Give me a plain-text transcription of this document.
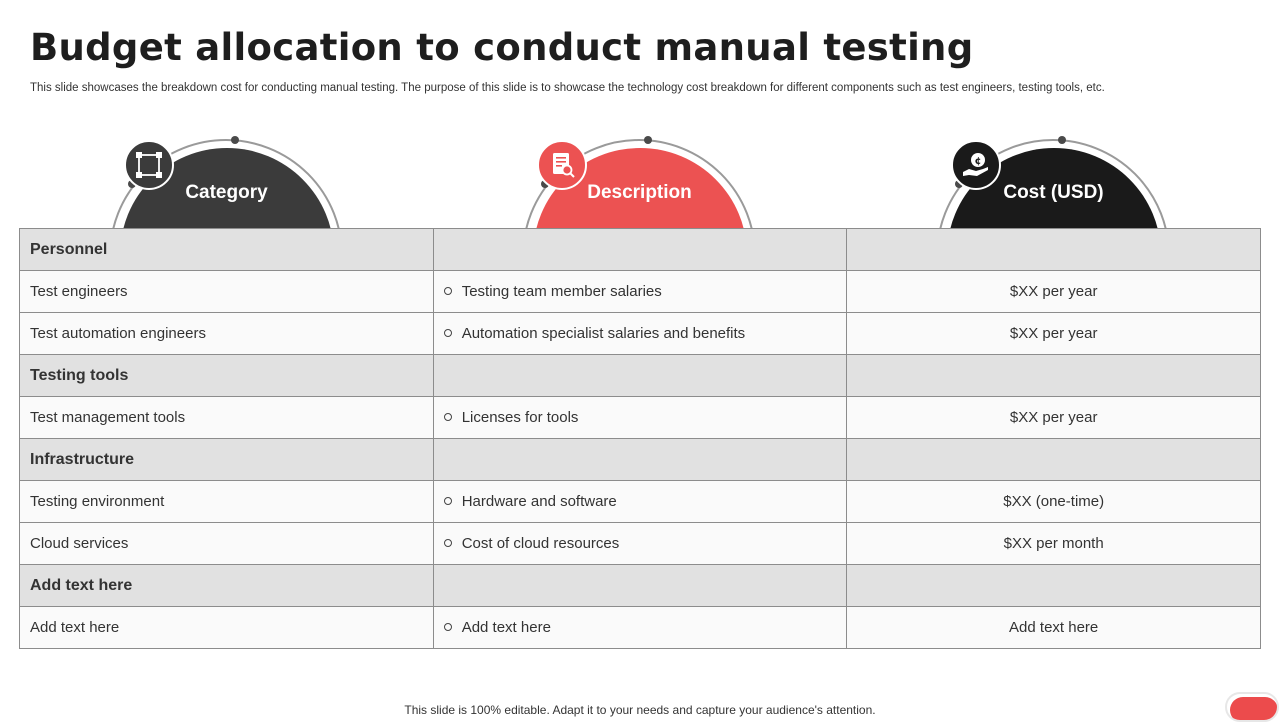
Budget allocation to conduct manual testing
This slide showcases the breakdown cost for conducting manual testing. The purpose of this slide is to showcase the technology cost breakdown for different components such as test engineers, testing tools, etc.
Category	Description	Cost (USD)
¢
Personnel		
Test engineers	Testing team member salaries	$XX per year
Test automation engineers	Automation specialist salaries and benefits	$XX per year
Testing tools		
Test management tools	Licenses for tools	$XX per year
Infrastructure		
Testing environment	Hardware and software	$XX (one-time)
Cloud services	Cost of cloud resources	$XX per month
Add text here		
Add text here	Add text here	Add text here
This slide is 100% editable. Adapt it to your needs and capture your audience's attention.
